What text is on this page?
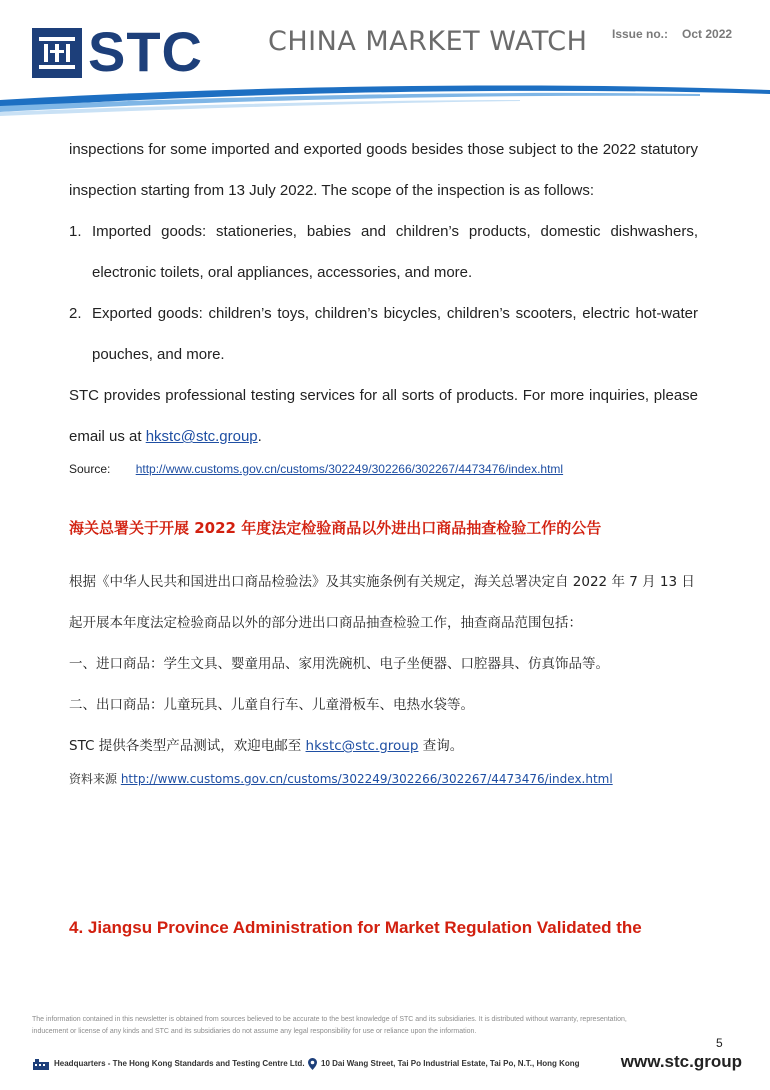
STC CHINA MARKET WATCH Issue no.: Oct 2022

inspections for some imported and exported goods besides those subject to the 2022 statutory inspection starting from 13 July 2022. The scope of the inspection is as follows:

1. Imported goods: stationeries, babies and children’s products, domestic dishwashers, electronic toilets, oral appliances, accessories, and more.

2. Exported goods: children’s toys, children’s bicycles, children’s scooters, electric hot-water pouches, and more.

STC provides professional testing services for all sorts of products. For more inquiries, please email us at hkstc@stc.group.

Source: http://www.customs.gov.cn/customs/302249/302266/302267/4473476/index.html

海关总署关于开展 2022 年度法定检验商品以外进出口商品抽查检验工作的公告

根据《中华人民共和国进出口商品检验法》及其实施条例有关规定，海关总署决定自 2022 年 7 月 13 日起开展本年度法定检验商品以外的部分进出口商品抽查检验工作，抽查商品范围包括：

一、进口商品：学生文具、婴童用品、家用洗碗机、电子坐便器、口腔器具、仿真饰品等。

二、出口商品：儿童玩具、儿童自行车、儿童滑板车、电热水袋等。

STC 提供各类型产品测试，欢迎电邮至 hkstc@stc.group 查询。

资料来源 http://www.customs.gov.cn/customs/302249/302266/302267/4473476/index.html
4. Jiangsu Province Administration for Market Regulation Validated the
The information contained in this newsletter is obtained from sources believed to be accurate to the best knowledge of STC and its subsidiaries. It is distributed without warranty, representation, inducement or license of any kinds and STC and its subsidiaries do not assume any legal responsibility for use or reliance upon the information.
5
Headquarters - The Hong Kong Standards and Testing Centre Ltd.	10 Dai Wang Street, Tai Po Industrial Estate, Tai Po, N.T., Hong Kong www.stc.group
